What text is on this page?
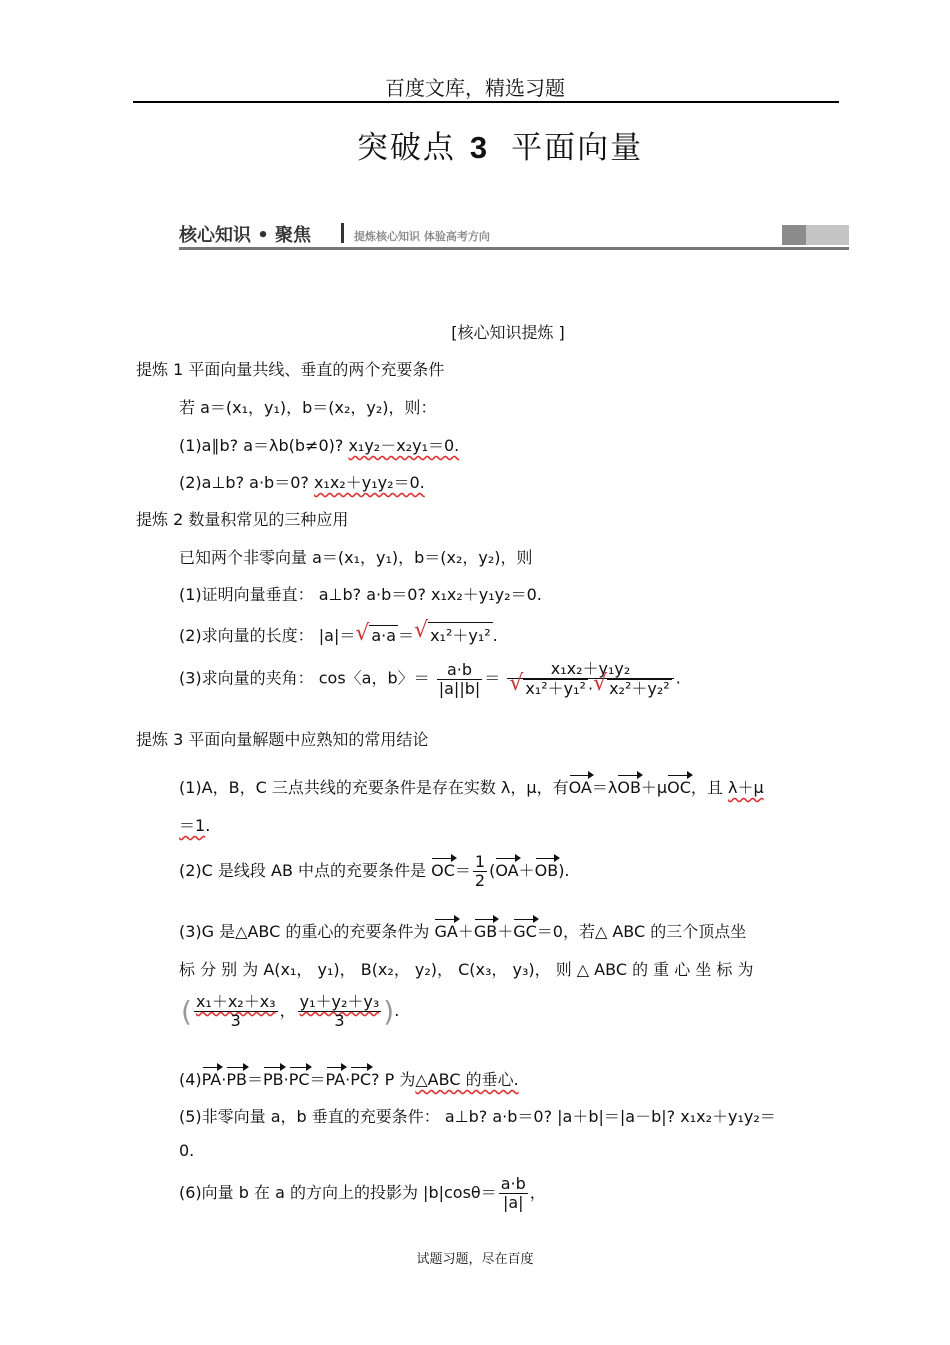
百度文库，精选习题
突破点 3 平面向量
核心知识 • 聚焦	提炼核心知识 体验高考方向
[核心知识提炼 ]
提炼 1 平面向量共线、垂直的两个充要条件
若 a＝(x₁，y₁)，b＝(x₂，y₂)，则：
(1)a∥b? a＝λb(b≠0)? x₁y₂－x₂y₁＝0.
(2)a⊥b? a·b＝0? x₁x₂＋y₁y₂＝0.
提炼 2 数量积常见的三种应用
已知两个非零向量 a＝(x₁，y₁)，b＝(x₂，y₂)，则
(1)证明向量垂直： a⊥b? a·b＝0? x₁x₂＋y₁y₂＝0.
(2)求向量的长度： |a|＝ √ a·a ＝ √ x₁²＋y₁² .
(3)求向量的夹角： cos〈a，b〉＝ $\frac{a\cdot b}{|a||b|} = x_1x_2+y_1y_2$
√ x₁²＋y₁² · √ x₂²＋y₂² .
提炼 3 平面向量解题中应熟知的常用结论
(1)A，B，C 三点共线的充要条件是存在实数 λ，μ，有OA＝λOB＋μOC，且 λ＋μ
＝1.
(2)C 是线段 AB 中点的充要条件是 $OC= \frac{1}{2} (OA+OB)$.
(3)G 是△ABC 的重心的充要条件为 GA＋GB＋GC＝0，若△ ABC 的三个顶点坐
标 分 别 为 A(x₁， y₁)， B(x₂， y₂)， C(x₃， y₃)， 则 △ ABC 的 重 心 坐 标 为
( $\frac{\text{x₁＋x₂＋x₃}}{3}$ ， $\frac{\text{y₁＋y₂＋y₃}}{3}$ ).
(4)PA·PB＝PB·PC＝PA·PC? P 为△ABC 的垂心.
(5)非零向量 a，b 垂直的充要条件： a⊥b? a·b＝0? |a＋b|＝|a－b|? x₁x₂＋y₁y₂＝
0.
(6)向量 b 在 a 的方向上的投影为 $|b|\cos\theta= \frac{a\cdot b}{|a|}$ ，
试题习题，尽在百度
